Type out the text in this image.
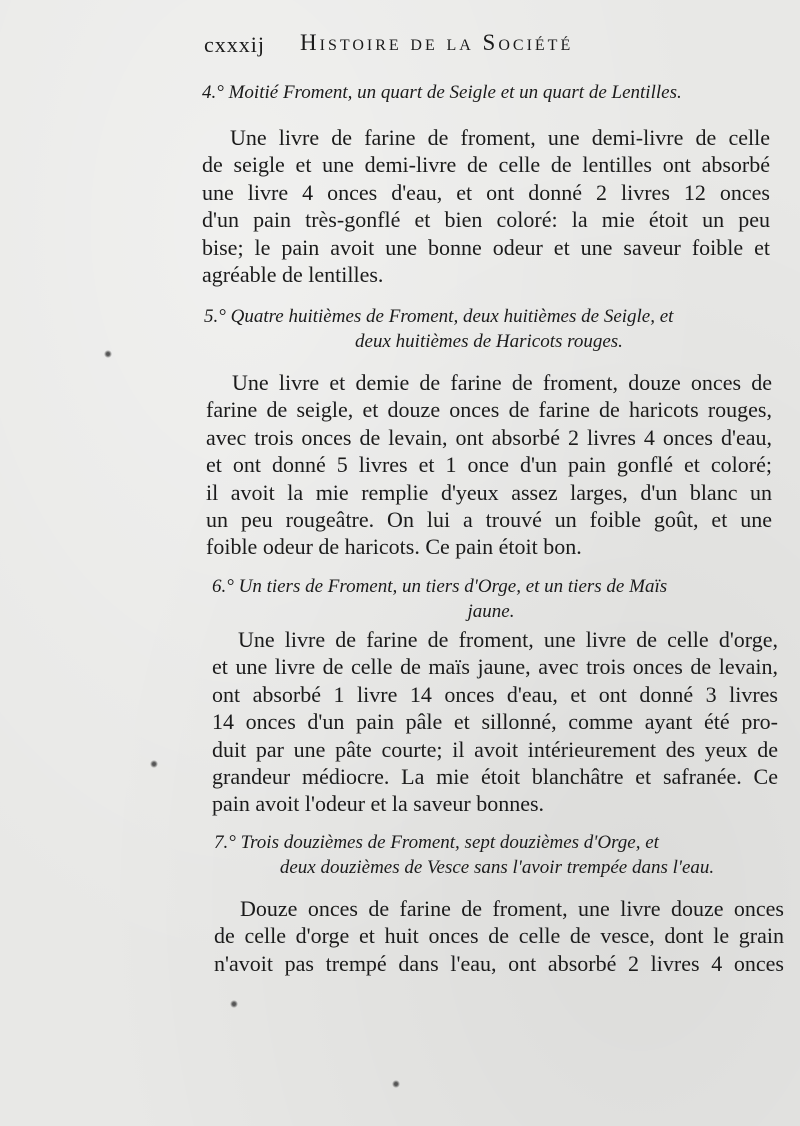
cxxxij Histoire de la Société
4.° Moitié Froment, un quart de Seigle et un quart de Lentilles.
Une livre de farine de froment, une demi-livre de celle
de seigle et une demi-livre de celle de lentilles ont absorbé
une livre 4 onces d'eau, et ont donné 2 livres 12 onces
d'un pain très-gonflé et bien coloré: la mie étoit un peu
bise; le pain avoit une bonne odeur et une saveur foible et
agréable de lentilles.
5.° Quatre huitièmes de Froment, deux huitièmes de Seigle, et
deux huitièmes de Haricots rouges.
Une livre et demie de farine de froment, douze onces de
farine de seigle, et douze onces de farine de haricots rouges,
avec trois onces de levain, ont absorbé 2 livres 4 onces d'eau,
et ont donné 5 livres et 1 once d'un pain gonflé et coloré;
il avoit la mie remplie d'yeux assez larges, d'un blanc un
un peu rougeâtre. On lui a trouvé un foible goût, et une
foible odeur de haricots. Ce pain étoit bon.
6.° Un tiers de Froment, un tiers d'Orge, et un tiers de Maïs
jaune.
Une livre de farine de froment, une livre de celle d'orge,
et une livre de celle de maïs jaune, avec trois onces de levain,
ont absorbé 1 livre 14 onces d'eau, et ont donné 3 livres
14 onces d'un pain pâle et sillonné, comme ayant été pro-
duit par une pâte courte; il avoit intérieurement des yeux de
grandeur médiocre. La mie étoit blanchâtre et safranée. Ce
pain avoit l'odeur et la saveur bonnes.
7.° Trois douzièmes de Froment, sept douzièmes d'Orge, et
deux douzièmes de Vesce sans l'avoir trempée dans l'eau.
Douze onces de farine de froment, une livre douze onces
de celle d'orge et huit onces de celle de vesce, dont le grain
n'avoit pas trempé dans l'eau, ont absorbé 2 livres 4 onces
